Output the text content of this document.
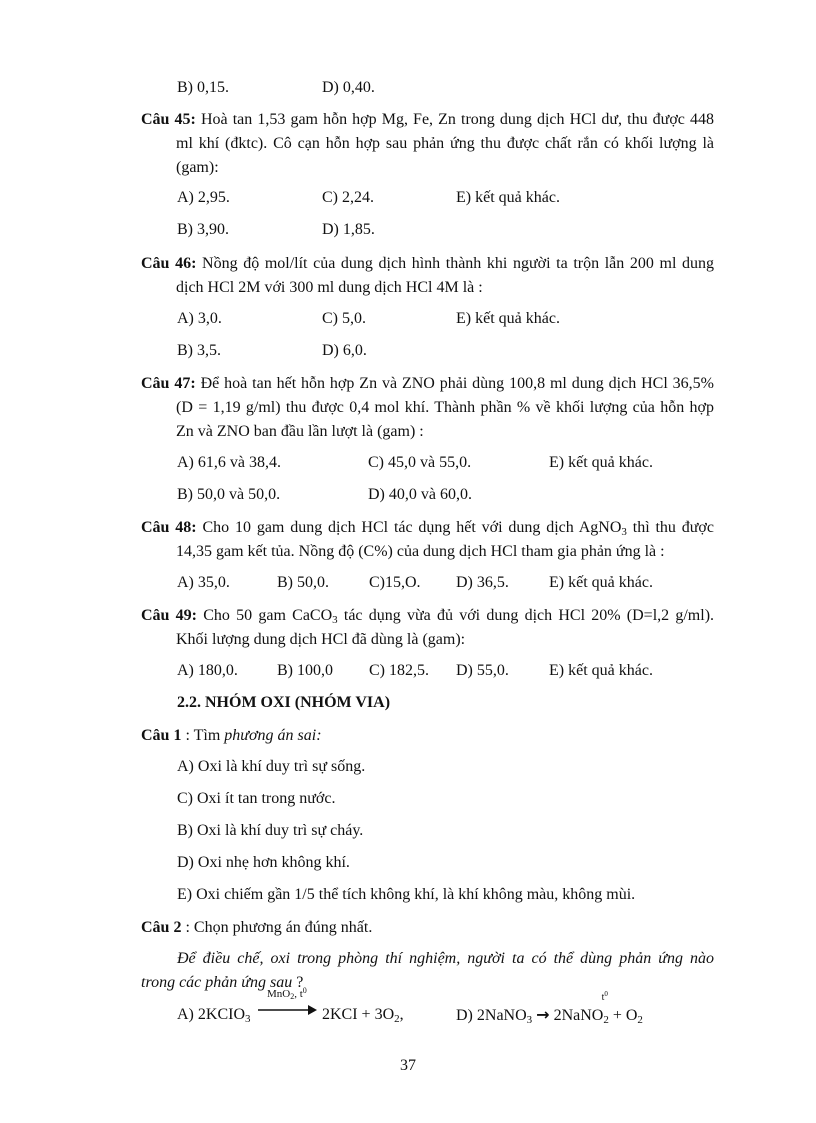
B) 0,15.	D) 0,40.
Câu 45: Hoà tan 1,53 gam hỗn hợp Mg, Fe, Zn trong dung dịch HCl dư, thu được 448
ml khí (đktc). Cô cạn hỗn hợp sau phản ứng thu được chất rắn có khối lượng là
(gam):
A) 2,95.	C) 2,24.	E) kết quả khác.
B) 3,90.	D) 1,85.
Câu 46: Nồng độ mol/lít của dung dịch hình thành khi người ta trộn lẫn 200 ml dung
dịch HCl 2M với 300 ml dung dịch HCl 4M là :
A) 3,0.	C) 5,0.	E) kết quả khác.
B) 3,5.	D) 6,0.
Câu 47: Để hoà tan hết hỗn hợp Zn và ZNO phải dùng 100,8 ml dung dịch HCl 36,5%
(D = 1,19 g/ml) thu được 0,4 mol khí. Thành phần % về khối lượng của hỗn hợp
Zn và ZNO ban đầu lần lượt là (gam) :
A) 61,6 và 38,4.	C) 45,0 và 55,0.	E) kết quả khác.
B) 50,0 và 50,0.	D) 40,0 và 60,0.
Câu 48: Cho 10 gam dung dịch HCl tác dụng hết với dung dịch AgNO$_3$ thì thu được
14,35 gam kết tủa. Nồng độ (C%) của dung dịch HCl tham gia phản ứng là :
A) 35,0.	B) 50,0.	C)15,O. D) 36,5.	E) kết quả khác.
Câu 49: Cho 50 gam CaCO$_3$ tác dụng vừa đủ với dung dịch HCl 20% (D=l,2 g/ml).
Khối lượng dung dịch HCl đã dùng là (gam):
A) 180,0. B) 100,0 C) 182,5. D) 55,0.	E) kết quả khác.
2.2. NHÓM OXI (NHÓM VIA)
Câu 1 : Tìm phương án sai:
A) Oxi là khí duy trì sự sống.
C) Oxi ít tan trong nước.
B) Oxi là khí duy trì sự cháy.
D) Oxi nhẹ hơn không khí.
E) Oxi chiếm gần 1/5 thể tích không khí, là khí không màu, không mùi.
Câu 2 : Chọn phương án đúng nhất.
Để điều chế, oxi trong phòng thí nghiệm, người ta có thể dùng phản ứng nào
trong các phản ứng sau ?
A) $2KCIO_3$
MnO$_2$, $t^0$
→ $2KCI + 3O_2$,	D) 2NaNO$_3$ → 2NaNO
$t^0$
$_2 + O_2$
37
